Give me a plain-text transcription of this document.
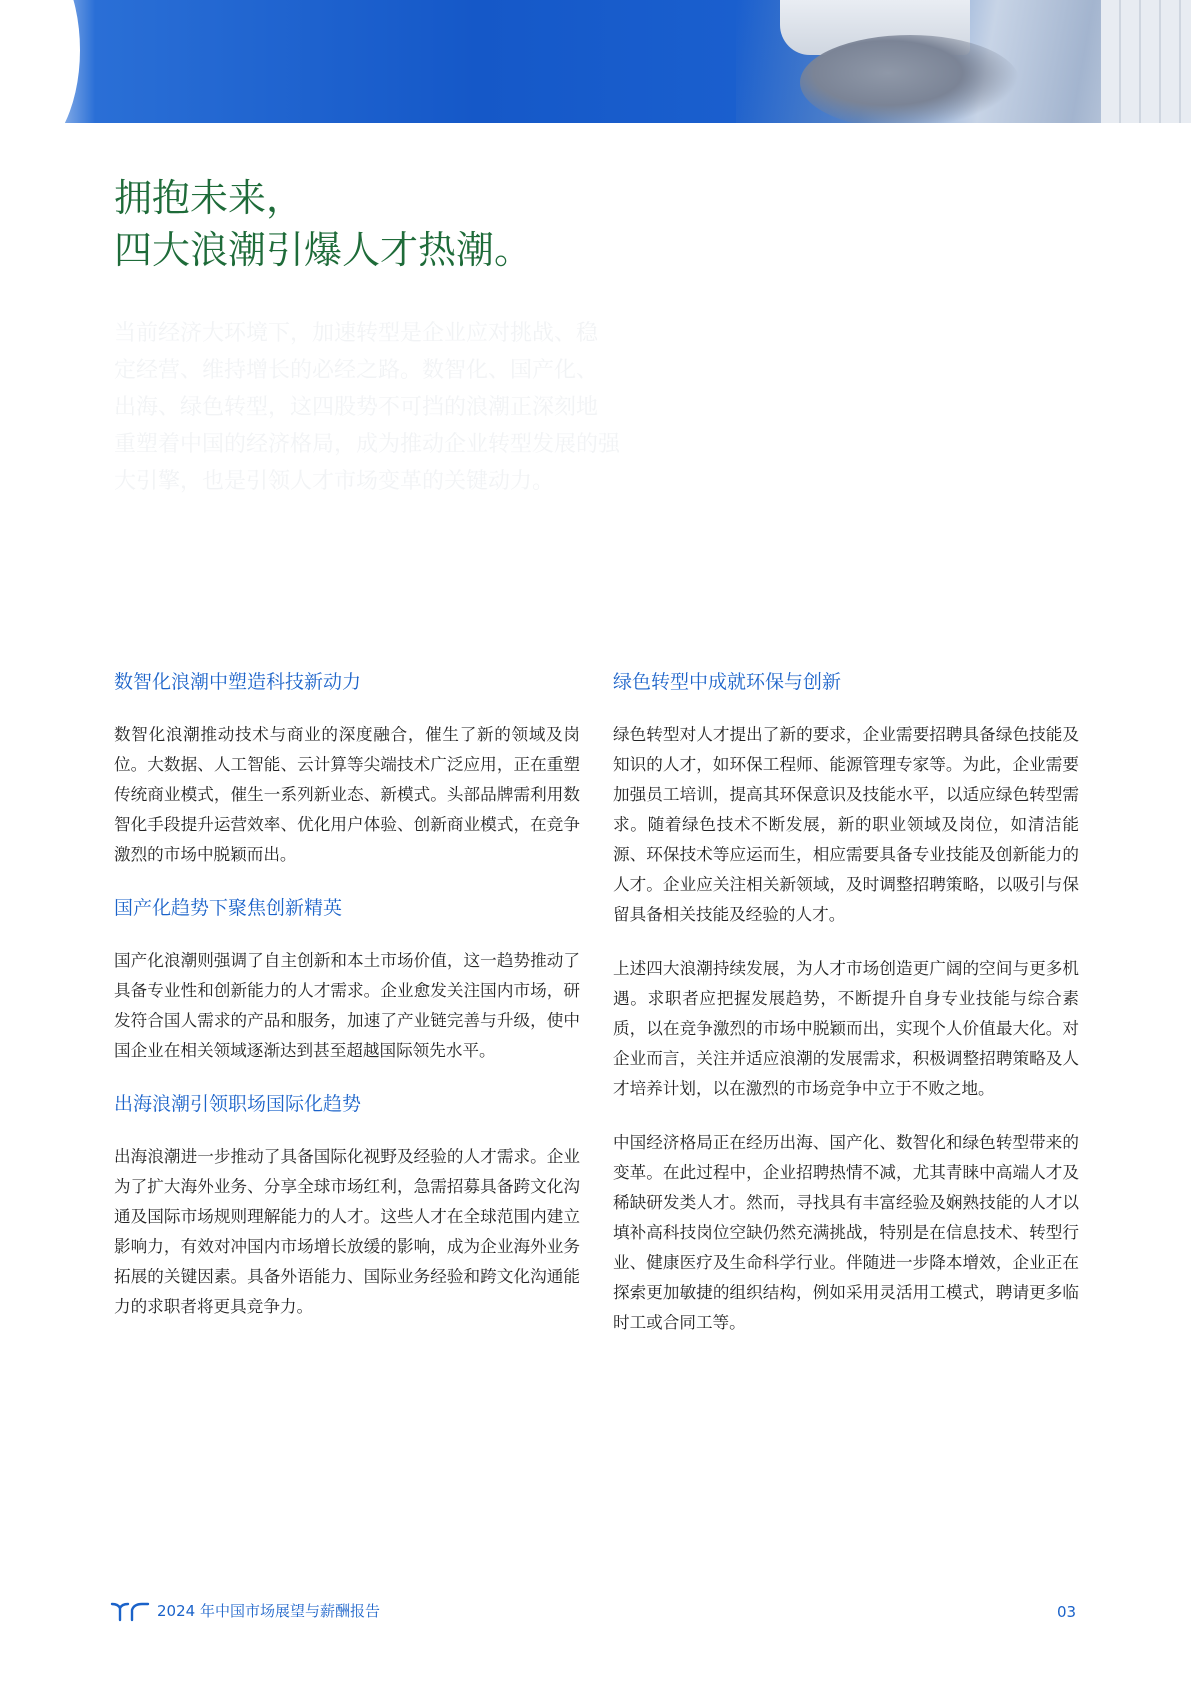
拥抱未来，
四大浪潮引爆人才热潮。
当前经济大环境下，加速转型是企业应对挑战、稳
定经营、维持增长的必经之路。数智化、国产化、
出海、绿色转型，这四股势不可挡的浪潮正深刻地
重塑着中国的经济格局，成为推动企业转型发展的强
大引擎，也是引领人才市场变革的关键动力。
数智化浪潮中塑造科技新动力

数智化浪潮推动技术与商业的深度融合，催生了新的领域及岗位。大数据、人工智能、云计算等尖端技术广泛应用，正在重塑传统商业模式，催生一系列新业态、新模式。头部品牌需利用数智化手段提升运营效率、优化用户体验、创新商业模式，在竞争激烈的市场中脱颖而出。

国产化趋势下聚焦创新精英

国产化浪潮则强调了自主创新和本土市场价值，这一趋势推动了具备专业性和创新能力的人才需求。企业愈发关注国内市场，研发符合国人需求的产品和服务，加速了产业链完善与升级，使中国企业在相关领域逐渐达到甚至超越国际领先水平。

出海浪潮引领职场国际化趋势

出海浪潮进一步推动了具备国际化视野及经验的人才需求。企业为了扩大海外业务、分享全球市场红利，急需招募具备跨文化沟通及国际市场规则理解能力的人才。这些人才在全球范围内建立影响力，有效对冲国内市场增长放缓的影响，成为企业海外业务拓展的关键因素。具备外语能力、国际业务经验和跨文化沟通能力的求职者将更具竞争力。

绿色转型中成就环保与创新

绿色转型对人才提出了新的要求，企业需要招聘具备绿色技能及知识的人才，如环保工程师、能源管理专家等。为此，企业需要加强员工培训，提高其环保意识及技能水平，以适应绿色转型需求。随着绿色技术不断发展，新的职业领域及岗位，如清洁能源、环保技术等应运而生，相应需要具备专业技能及创新能力的人才。企业应关注相关新领域，及时调整招聘策略，以吸引与保留具备相关技能及经验的人才。

上述四大浪潮持续发展，为人才市场创造更广阔的空间与更多机遇。求职者应把握发展趋势，不断提升自身专业技能与综合素质，以在竞争激烈的市场中脱颖而出，实现个人价值最大化。对企业而言，关注并适应浪潮的发展需求，积极调整招聘策略及人才培养计划，以在激烈的市场竞争中立于不败之地。

中国经济格局正在经历出海、国产化、数智化和绿色转型带来的变革。在此过程中，企业招聘热情不减，尤其青睐中高端人才及稀缺研发类人才。然而，寻找具有丰富经验及娴熟技能的人才以填补高科技岗位空缺仍然充满挑战，特别是在信息技术、转型行业、健康医疗及生命科学行业。伴随进一步降本增效，企业正在探索更加敏捷的组织结构，例如采用灵活用工模式，聘请更多临时工或合同工等。

2024 年中国市场展望与薪酬报告	03
